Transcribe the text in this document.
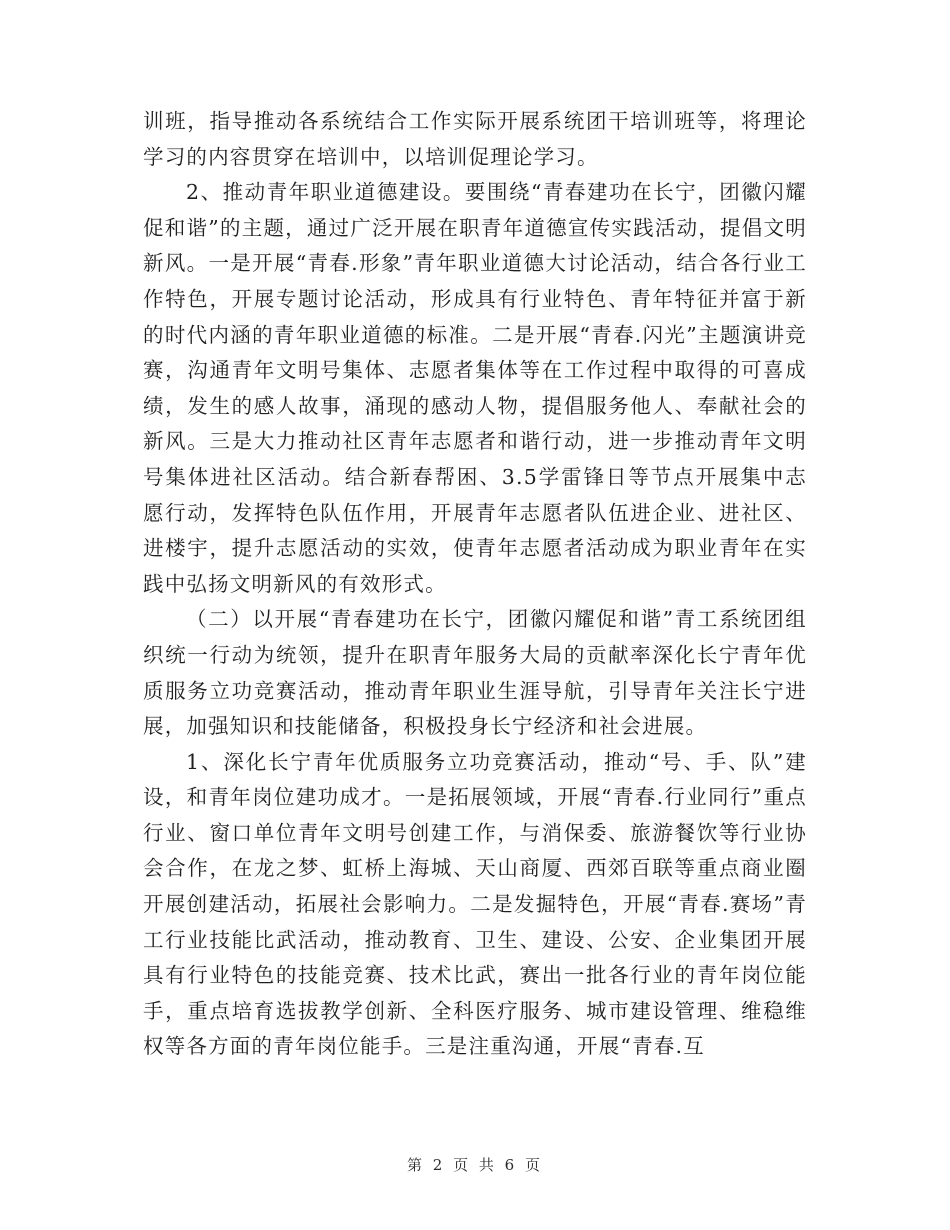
训班，指导推动各系统结合工作实际开展系统团干培训班等，将理论学习的内容贯穿在培训中，以培训促理论学习。

2、推动青年职业道德建设。要围绕“青春建功在长宁，团徽闪耀促和谐”的主题，通过广泛开展在职青年道德宣传实践活动，提倡文明新风。一是开展“青春.形象”青年职业道德大讨论活动，结合各行业工作特色，开展专题讨论活动，形成具有行业特色、青年特征并富于新的时代内涵的青年职业道德的标准。二是开展“青春.闪光”主题演讲竞赛，沟通青年文明号集体、志愿者集体等在工作过程中取得的可喜成绩，发生的感人故事，涌现的感动人物，提倡服务他人、奉献社会的新风。三是大力推动社区青年志愿者和谐行动，进一步推动青年文明号集体进社区活动。结合新春帮困、3.5学雷锋日等节点开展集中志愿行动，发挥特色队伍作用，开展青年志愿者队伍进企业、进社区、进楼宇，提升志愿活动的实效，使青年志愿者活动成为职业青年在实践中弘扬文明新风的有效形式。

（二）以开展“青春建功在长宁，团徽闪耀促和谐”青工系统团组织统一行动为统领，提升在职青年服务大局的贡献率深化长宁青年优质服务立功竞赛活动，推动青年职业生涯导航，引导青年关注长宁进展，加强知识和技能储备，积极投身长宁经济和社会进展。

1、深化长宁青年优质服务立功竞赛活动，推动“号、手、队”建设，和青年岗位建功成才。一是拓展领域，开展“青春.行业同行”重点行业、窗口单位青年文明号创建工作，与消保委、旅游餐饮等行业协会合作，在龙之梦、虹桥上海城、天山商厦、西郊百联等重点商业圈开展创建活动，拓展社会影响力。二是发掘特色，开展“青春.赛场”青工行业技能比武活动，推动教育、卫生、建设、公安、企业集团开展具有行业特色的技能竞赛、技术比武，赛出一批各行业的青年岗位能手，重点培育选拔教学创新、全科医疗服务、城市建设管理、维稳维权等各方面的青年岗位能手。三是注重沟通，开展“青春.互

第 2 页 共 6 页
